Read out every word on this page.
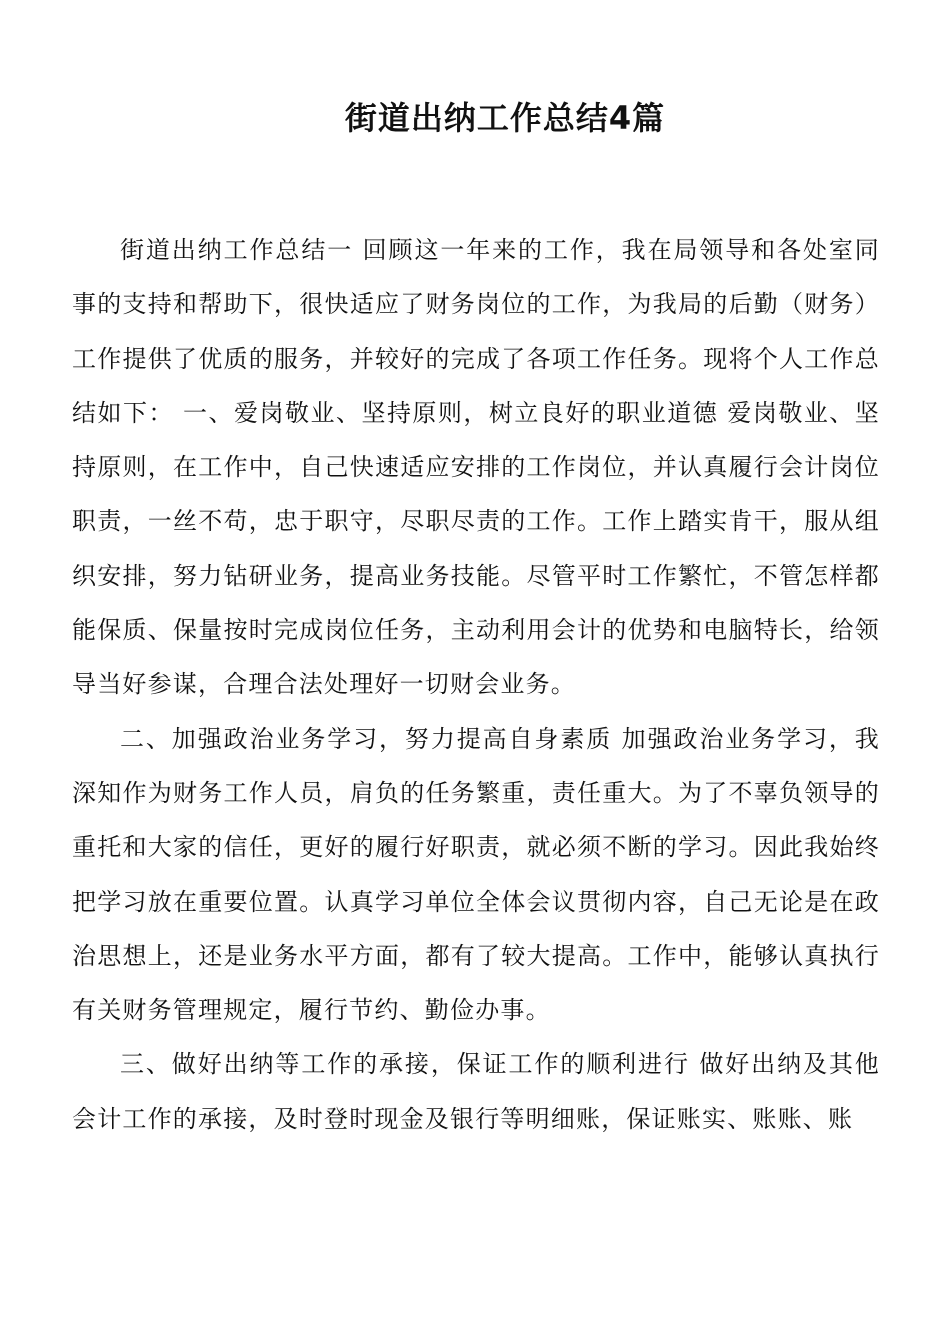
街道出纳工作总结4篇

街道出纳工作总结一 回顾这一年来的工作，我在局领导和各处室同事的支持和帮助下，很快适应了财务岗位的工作，为我局的后勤（财务）工作提供了优质的服务，并较好的完成了各项工作任务。现将个人工作总结如下： 一、爱岗敬业、坚持原则，树立良好的职业道德 爱岗敬业、坚持原则，在工作中，自己快速适应安排的工作岗位，并认真履行会计岗位职责，一丝不苟，忠于职守，尽职尽责的工作。工作上踏实肯干，服从组织安排，努力钻研业务，提高业务技能。尽管平时工作繁忙，不管怎样都能保质、保量按时完成岗位任务，主动利用会计的优势和电脑特长，给领导当好参谋，合理合法处理好一切财会业务。

二、加强政治业务学习，努力提高自身素质 加强政治业务学习，我深知作为财务工作人员，肩负的任务繁重，责任重大。为了不辜负领导的重托和大家的信任，更好的履行好职责，就必须不断的学习。因此我始终把学习放在重要位置。认真学习单位全体会议贯彻内容，自己无论是在政治思想上，还是业务水平方面，都有了较大提高。工作中，能够认真执行有关财务管理规定，履行节约、勤俭办事。

三、做好出纳等工作的承接，保证工作的顺利进行 做好出纳及其他会计工作的承接，及时登时现金及银行等明细账，保证账实、账账、账
